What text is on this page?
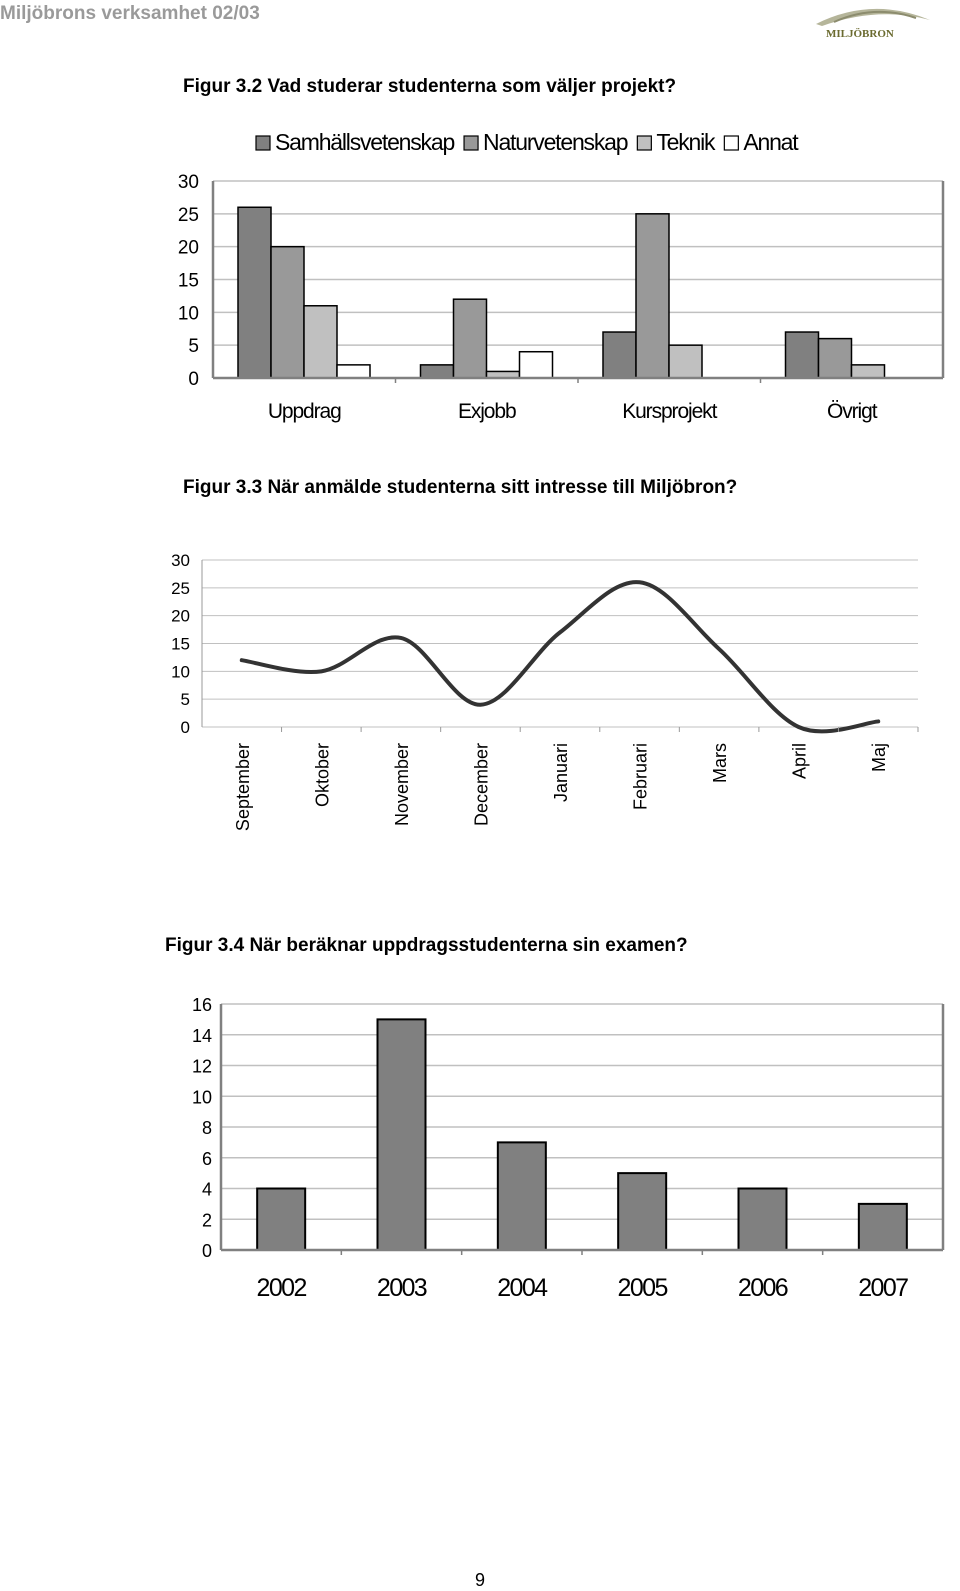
Miljöbrons verksamhet 02/03
MILJÖBRON
Figur 3.2 Vad studerar studenterna som väljer projekt?
Samhällsvetenskap Naturvetenskap Teknik Annat
0
5
10
15
20
25
30
Uppdrag	Exjobb	Kursprojekt	Övrigt
Figur 3.3 När anmälde studenterna sitt intresse till Miljöbron?
0
5
10
15
20
25
30
September	Oktober	November	December	Januari	Februari	Mars	April	Maj
Figur 3.4 När beräknar uppdragsstudenterna sin examen?
0
2
4
6
8
10
12
14
16
2002	2003	2004	2005	2006	2007
9
